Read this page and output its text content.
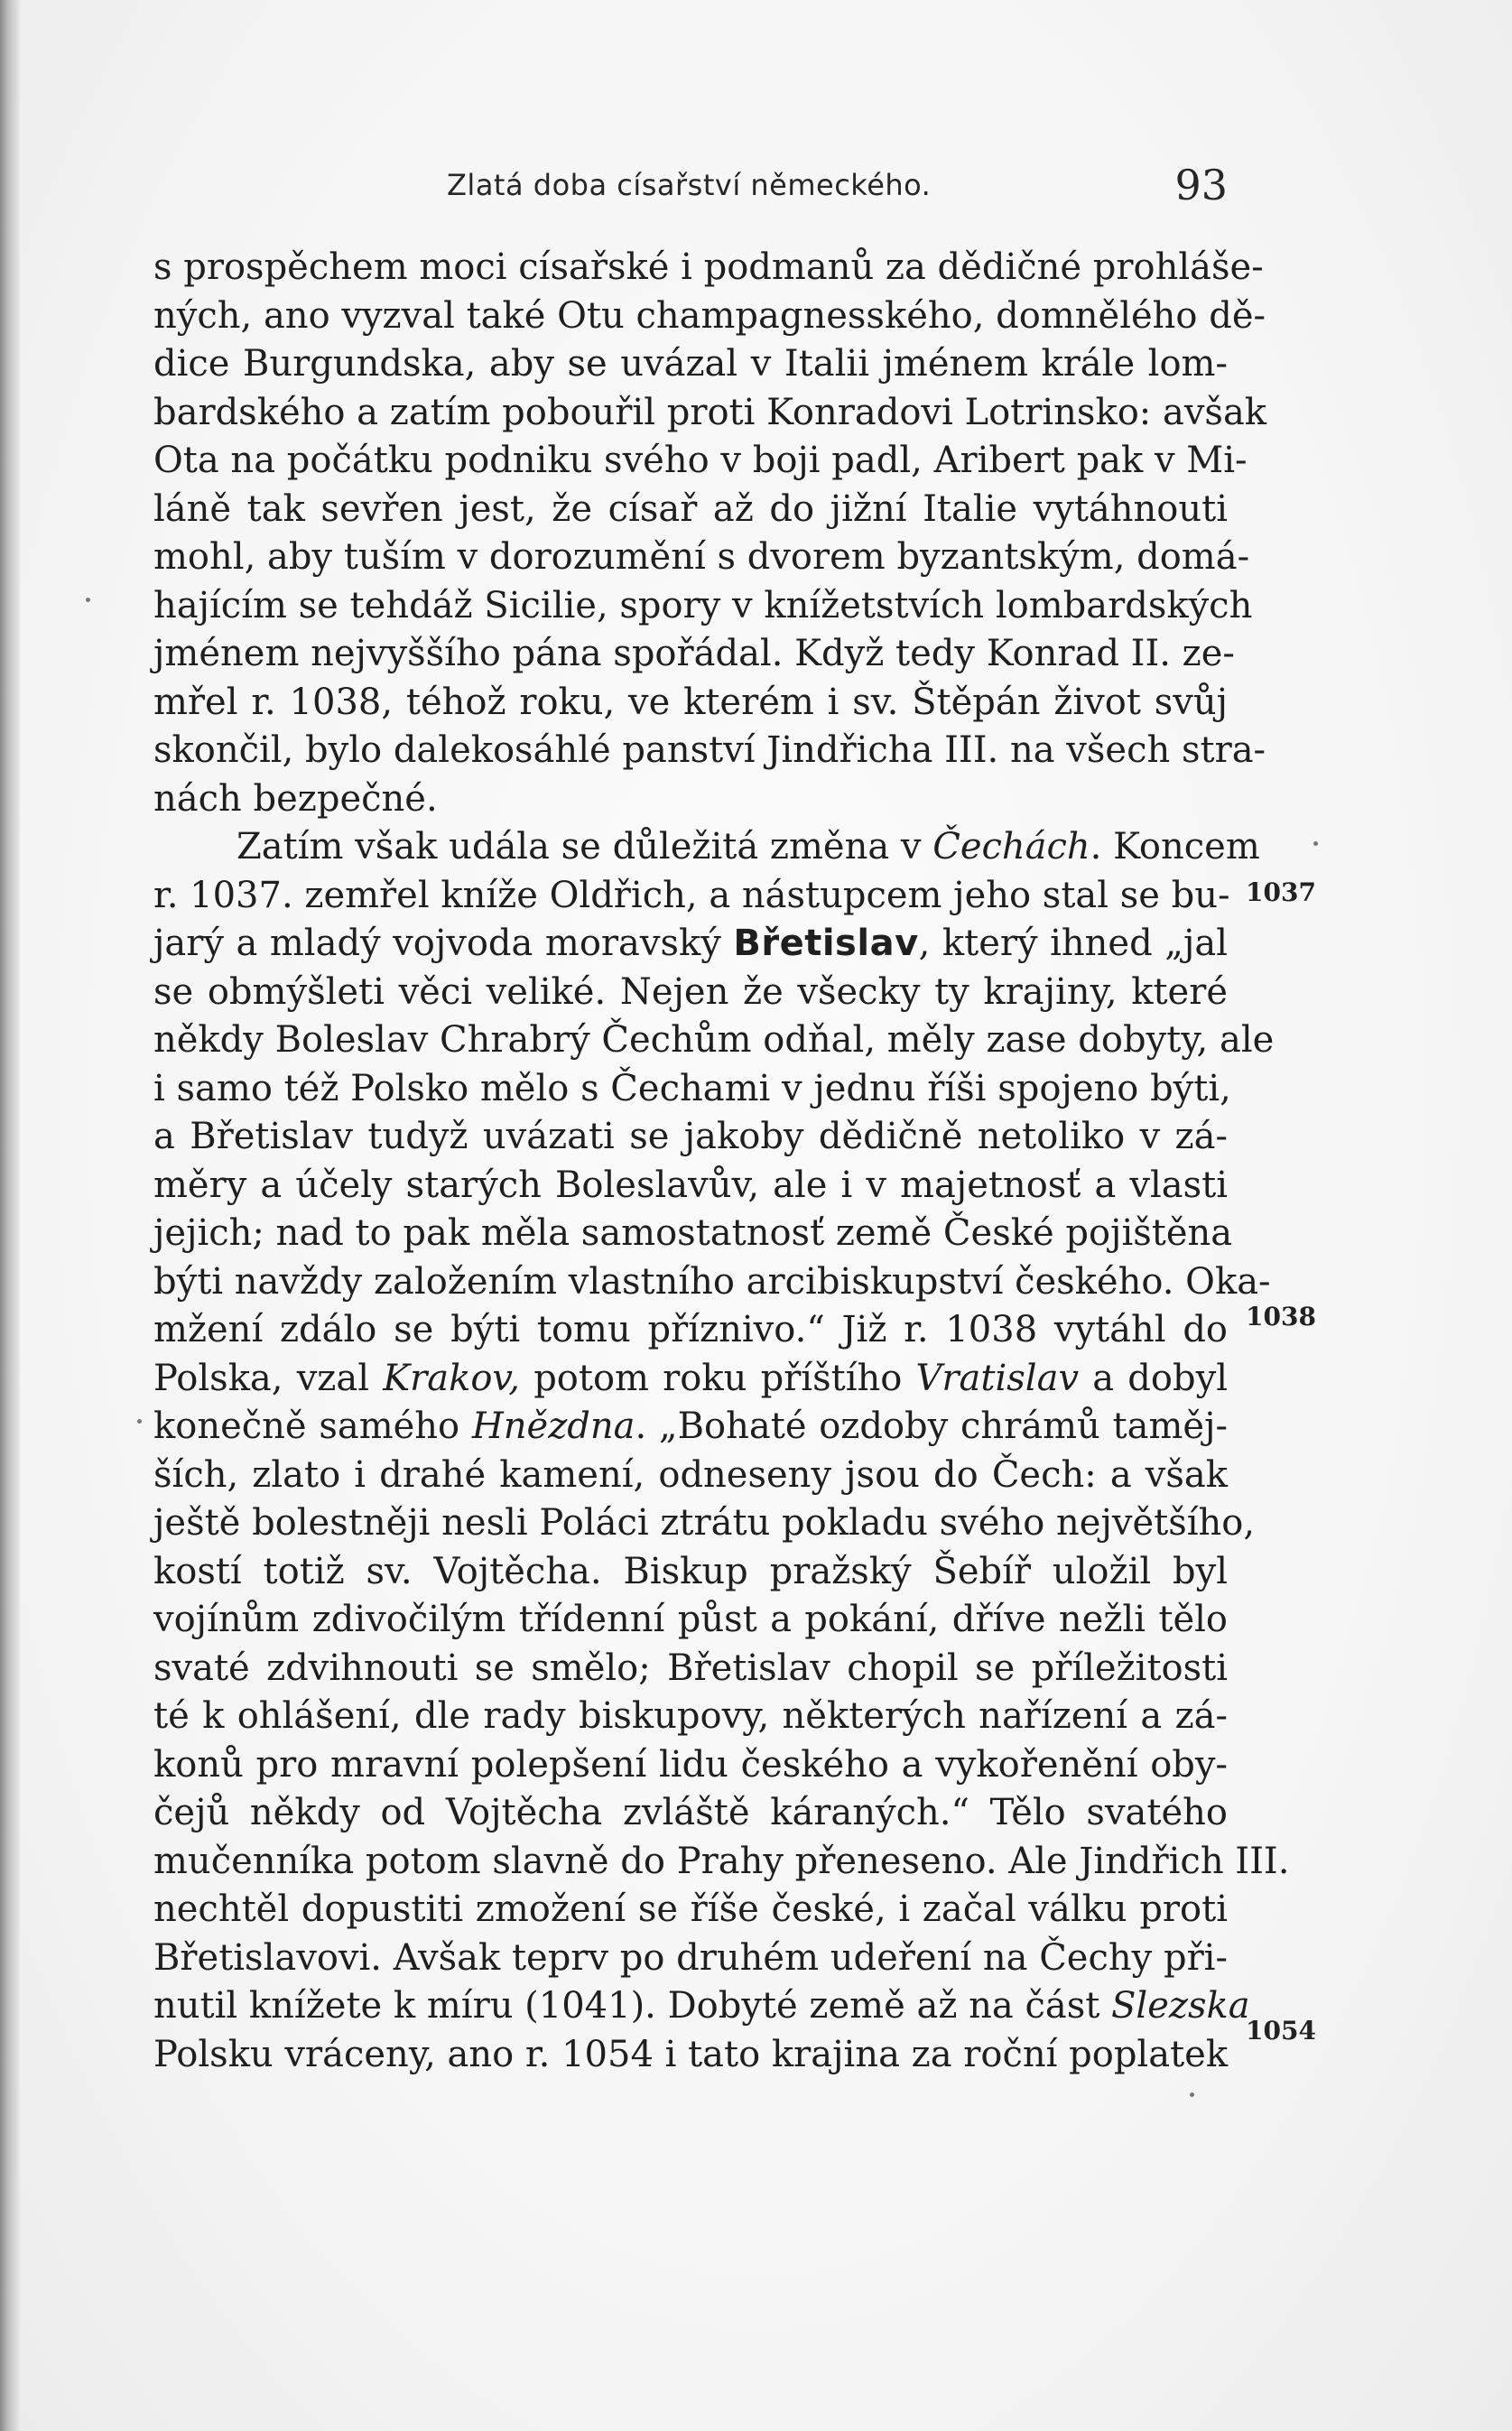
Zlatá doba císařství německého.	93
s prospěchem moci císařské i podmanů za dědičné prohláše-
ných, ano vyzval také Otu champagnesského, domnělého dě-
dice Burgundska, aby se uvázal v Italii jménem krále lom-
bardského a zatím pobouřil proti Konradovi Lotrinsko: avšak
Ota na počátku podniku svého v boji padl, Aribert pak v Mi-
láně tak sevřen jest, že císař až do jižní Italie vytáhnouti
mohl, aby tuším v dorozumění s dvorem byzantským, domá-
hajícím se tehdáž Sicilie, spory v knížetstvích lombardských
jménem nejvyššího pána spořádal. Když tedy Konrad II. ze-
mřel r. 1038, téhož roku, ve kterém i sv. Štěpán život svůj
skončil, bylo dalekosáhlé panství Jindřicha III. na všech stra-
nách bezpečné.
Zatím však udála se důležitá změna v Čechách. Koncem
r. 1037. zemřel kníže Oldřich, a nástupcem jeho stal se bu-
jarý a mladý vojvoda moravský Břetislav, který ihned „jal
se obmýšleti věci veliké. Nejen že všecky ty krajiny, které
někdy Boleslav Chrabrý Čechům odňal, měly zase dobyty, ale
i samo též Polsko mělo s Čechami v jednu říši spojeno býti,
a Břetislav tudyž uvázati se jakoby dědičně netoliko v zá-
měry a účely starých Boleslavův, ale i v majetnosť a vlasti
jejich; nad to pak měla samostatnosť země České pojištěna
býti navždy založením vlastního arcibiskupství českého. Oka-
mžení zdálo se býti tomu příznivo.“ Již r. 1038 vytáhl do
Polska, vzal Krakov, potom roku příštího Vratislav a dobyl
konečně samého Hnězdna. „Bohaté ozdoby chrámů taměj-
ších, zlato i drahé kamení, odneseny jsou do Čech: a však
ještě bolestněji nesli Poláci ztrátu pokladu svého největšího,
kostí totiž sv. Vojtěcha. Biskup pražský Šebíř uložil byl
vojínům zdivočilým třídenní půst a pokání, dříve nežli tělo
svaté zdvihnouti se smělo; Břetislav chopil se příležitosti
té k ohlášení, dle rady biskupovy, některých nařízení a zá-
konů pro mravní polepšení lidu českého a vykořenění oby-
čejů někdy od Vojtěcha zvláště káraných.“ Tělo svatého
mučenníka potom slavně do Prahy přeneseno. Ale Jindřich III.
nechtěl dopustiti zmožení se říše české, i začal válku proti
Břetislavovi. Avšak teprv po druhém udeření na Čechy při-
nutil knížete k míru (1041). Dobyté země až na část Slezska
Polsku vráceny, ano r. 1054 i tato krajina za roční poplatek
1037
1038
1054
